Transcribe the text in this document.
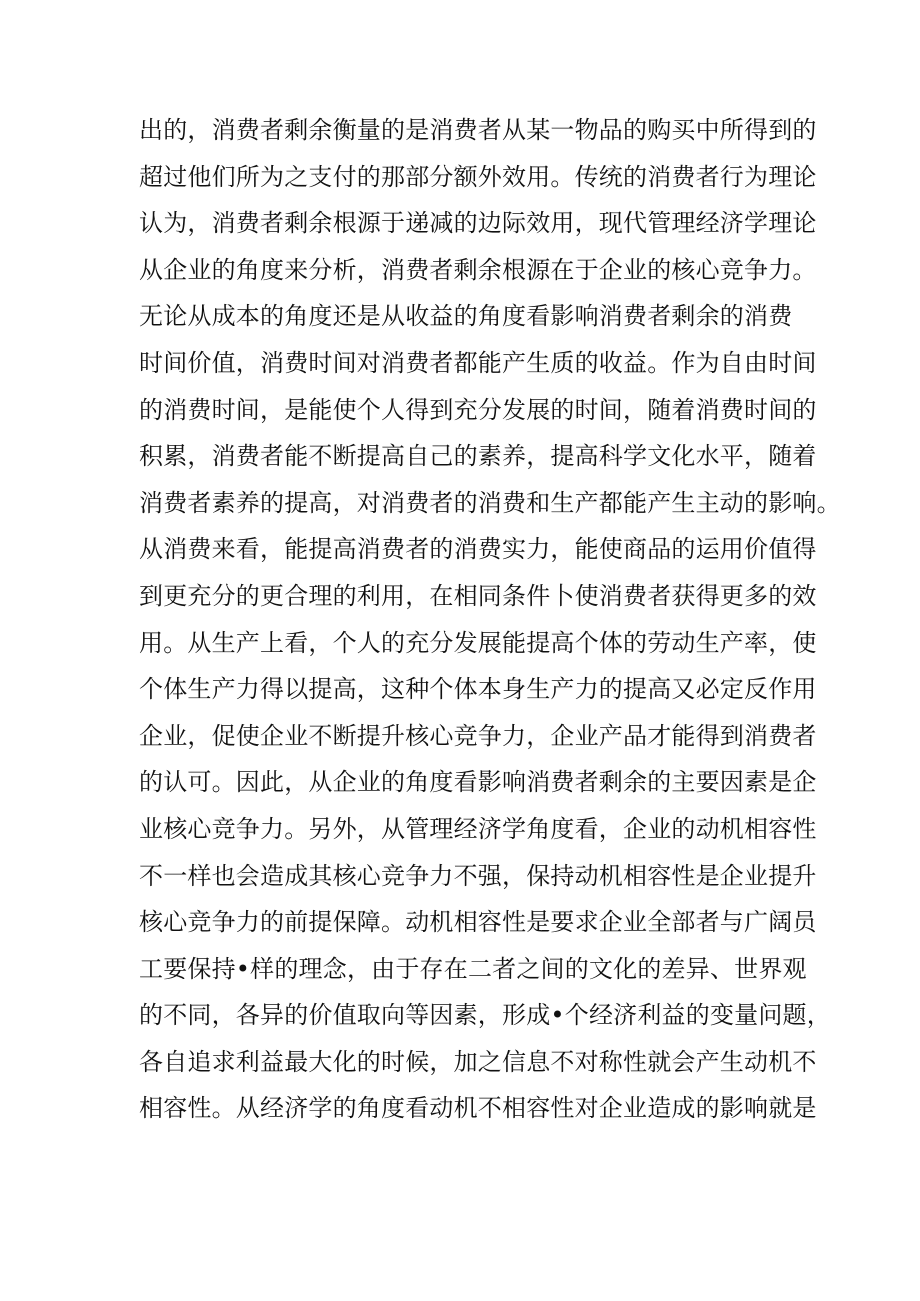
出的，消费者剩余衡量的是消费者从某一物品的购买中所得到的
超过他们所为之支付的那部分额外效用。传统的消费者行为理论
认为，消费者剩余根源于递减的边际效用，现代管理经济学理论
从企业的角度来分析，消费者剩余根源在于企业的核心竞争力。
无论从成本的角度还是从收益的角度看影响消费者剩余的消费
时间价值，消费时间对消费者都能产生质的收益。作为自由时间
的消费时间，是能使个人得到充分发展的时间，随着消费时间的
积累，消费者能不断提高自己的素养，提高科学文化水平，随着
消费者素养的提高，对消费者的消费和生产都能产生主动的影响。
从消费来看，能提高消费者的消费实力，能使商品的运用价值得
到更充分的更合理的利用，在相同条件卜使消费者获得更多的效
用。从生产上看，个人的充分发展能提高个体的劳动生产率，使
个体生产力得以提高，这种个体本身生产力的提高又必定反作用
企业，促使企业不断提升核心竞争力，企业产品才能得到消费者
的认可。因此，从企业的角度看影响消费者剩余的主要因素是企
业核心竞争力。另外，从管理经济学角度看，企业的动机相容性
不一样也会造成其核心竞争力不强，保持动机相容性是企业提升
核心竞争力的前提保障。动机相容性是要求企业全部者与广阔员
工要保持•样的理念，由于存在二者之间的文化的差异、世界观
的不同，各异的价值取向等因素，形成•个经济利益的变量问题，
各自追求利益最大化的时候，加之信息不对称性就会产生动机不
相容性。从经济学的角度看动机不相容性对企业造成的影响就是
